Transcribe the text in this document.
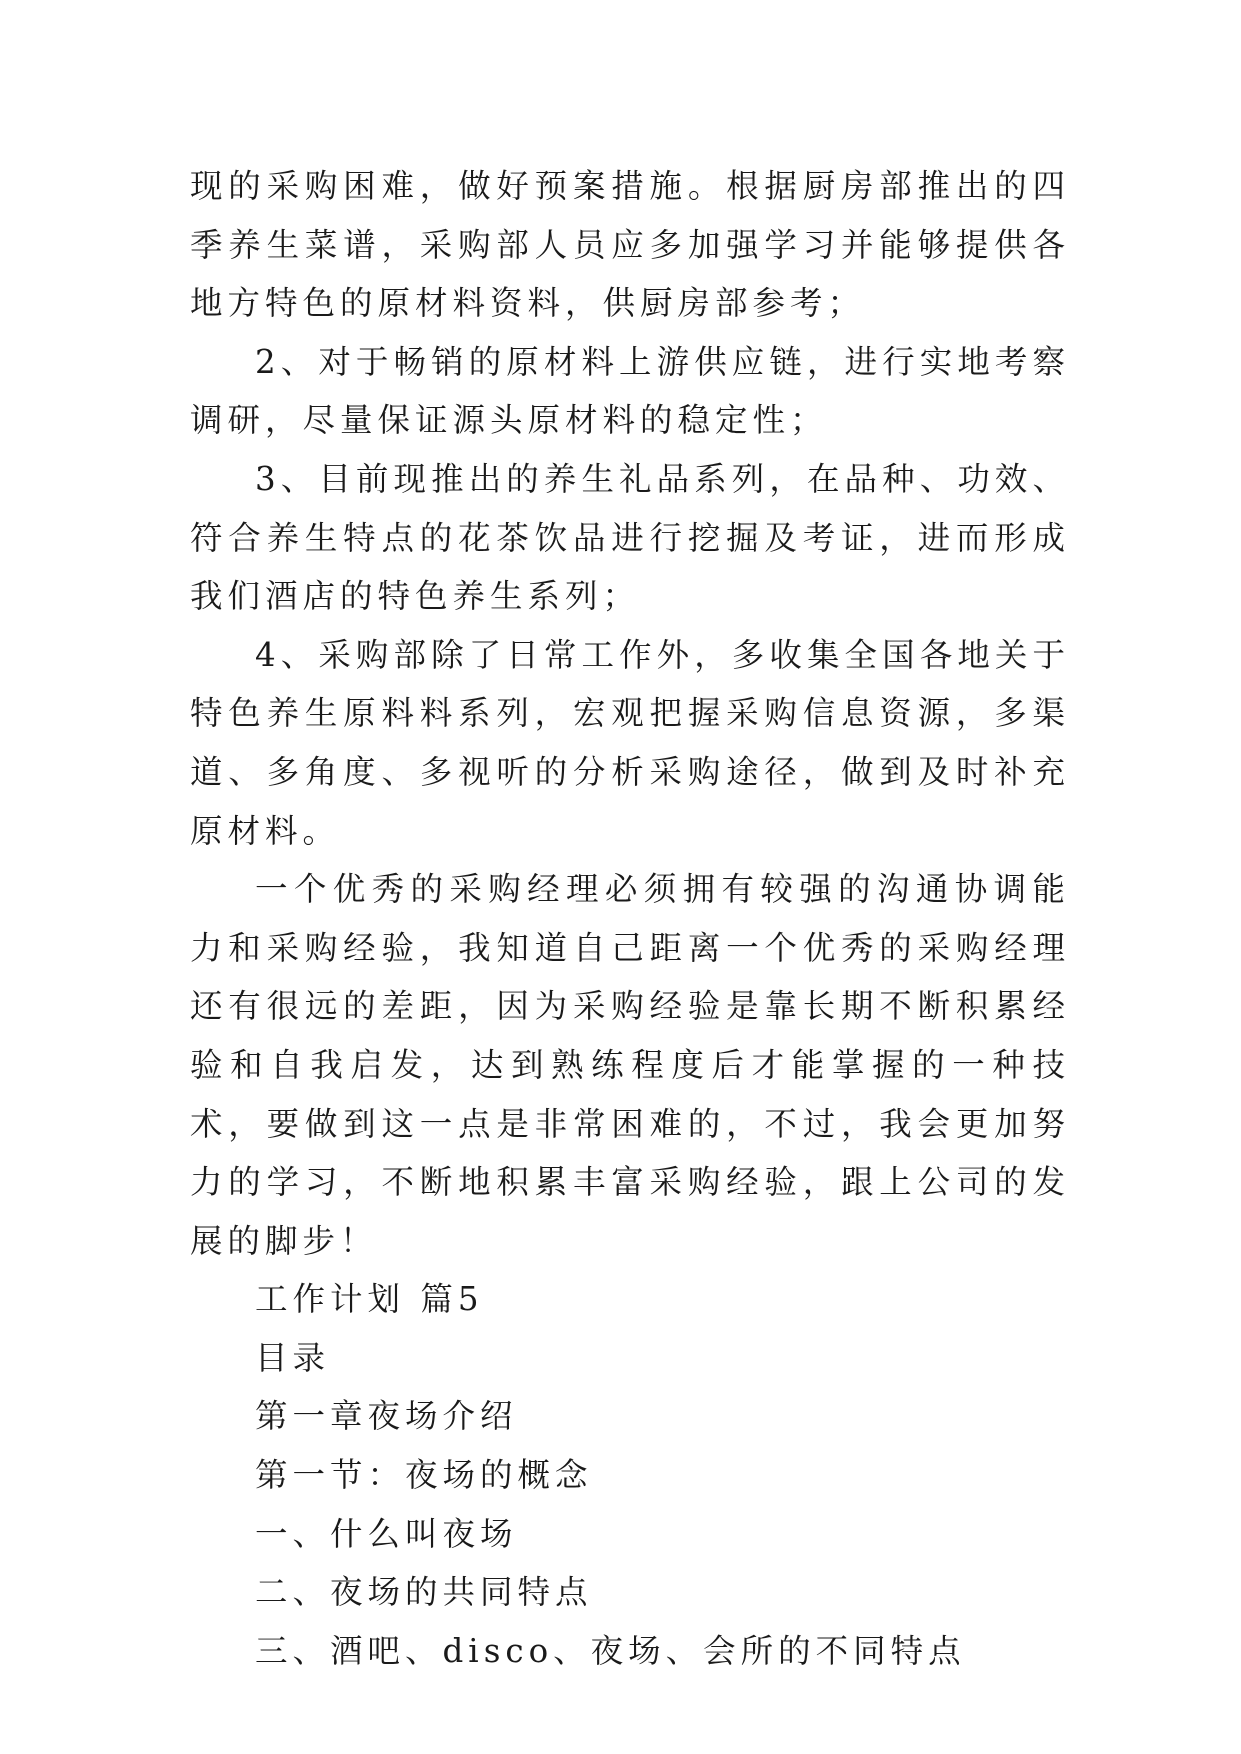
现的采购困难，做好预案措施。根据厨房部推出的四季养生菜谱，采购部人员应多加强学习并能够提供各地方特色的原材料资料，供厨房部参考；

2、对于畅销的原材料上游供应链，进行实地考察调研，尽量保证源头原材料的稳定性；

3、目前现推出的养生礼品系列，在品种、功效、符合养生特点的花茶饮品进行挖掘及考证，进而形成我们酒店的特色养生系列；

4、采购部除了日常工作外，多收集全国各地关于特色养生原料料系列，宏观把握采购信息资源，多渠道、多角度、多视听的分析采购途径，做到及时补充原材料。

一个优秀的采购经理必须拥有较强的沟通协调能力和采购经验，我知道自己距离一个优秀的采购经理还有很远的差距，因为采购经验是靠长期不断积累经验和自我启发，达到熟练程度后才能掌握的一种技术，要做到这一点是非常困难的，不过，我会更加努力的学习，不断地积累丰富采购经验，跟上公司的发展的脚步！

工作计划 篇5

目录

第一章夜场介绍

第一节：夜场的概念

一、什么叫夜场

二、夜场的共同特点

三、酒吧、disco、夜场、会所的不同特点
